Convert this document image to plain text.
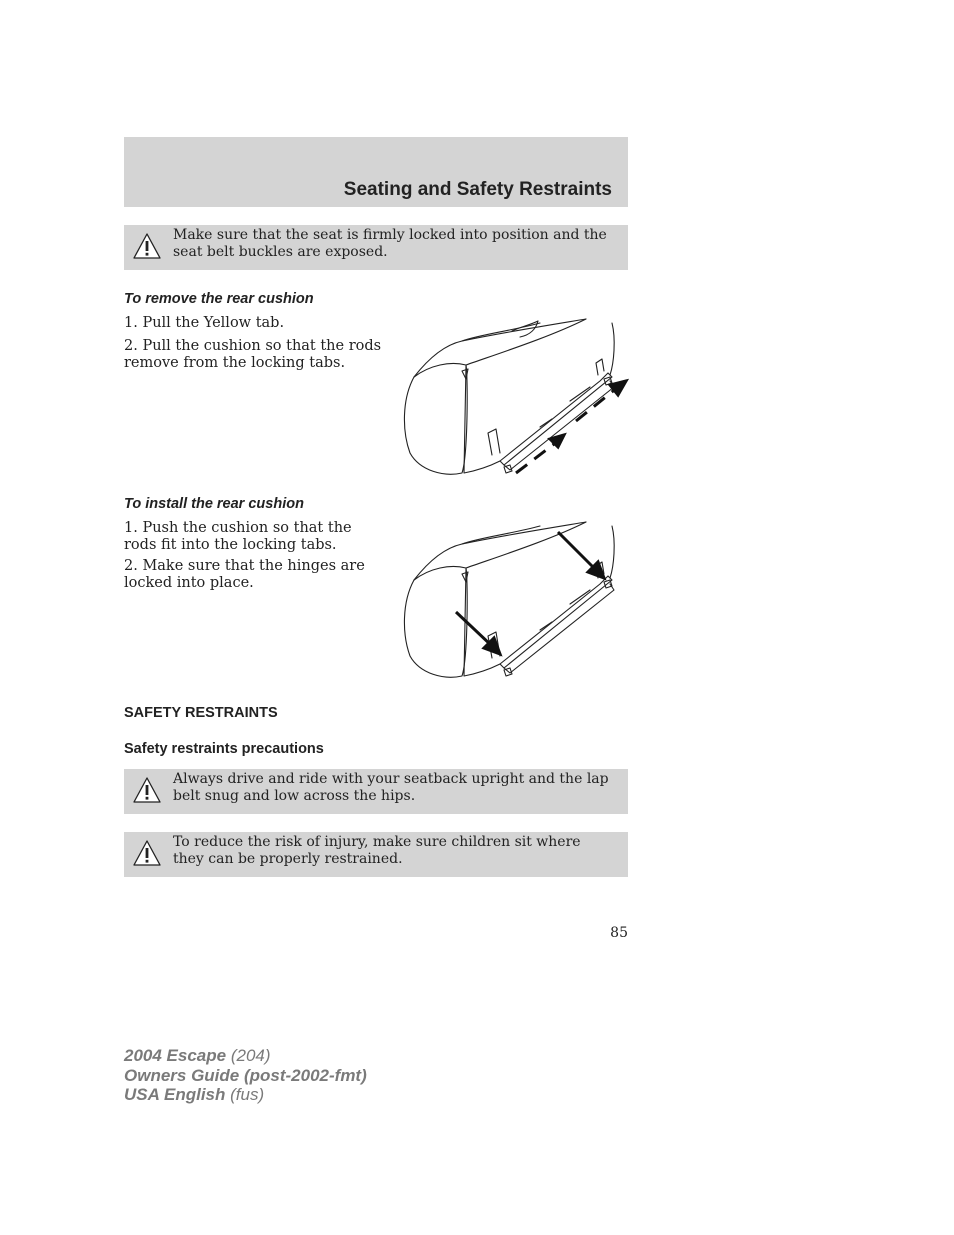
Seating and Safety Restraints
Make sure that the seat is firmly locked into position and the seat belt buckles are exposed.
To remove the rear cushion
1. Pull the Yellow tab.
2. Pull the cushion so that the rods remove from the locking tabs.
To install the rear cushion
1. Push the cushion so that the rods fit into the locking tabs.
2. Make sure that the hinges are locked into place.
SAFETY RESTRAINTS
Safety restraints precautions
Always drive and ride with your seatback upright and the lap belt snug and low across the hips.
To reduce the risk of injury, make sure children sit where they can be properly restrained.
85
2004 Escape (204)
Owners Guide (post-2002-fmt)
USA English (fus)
